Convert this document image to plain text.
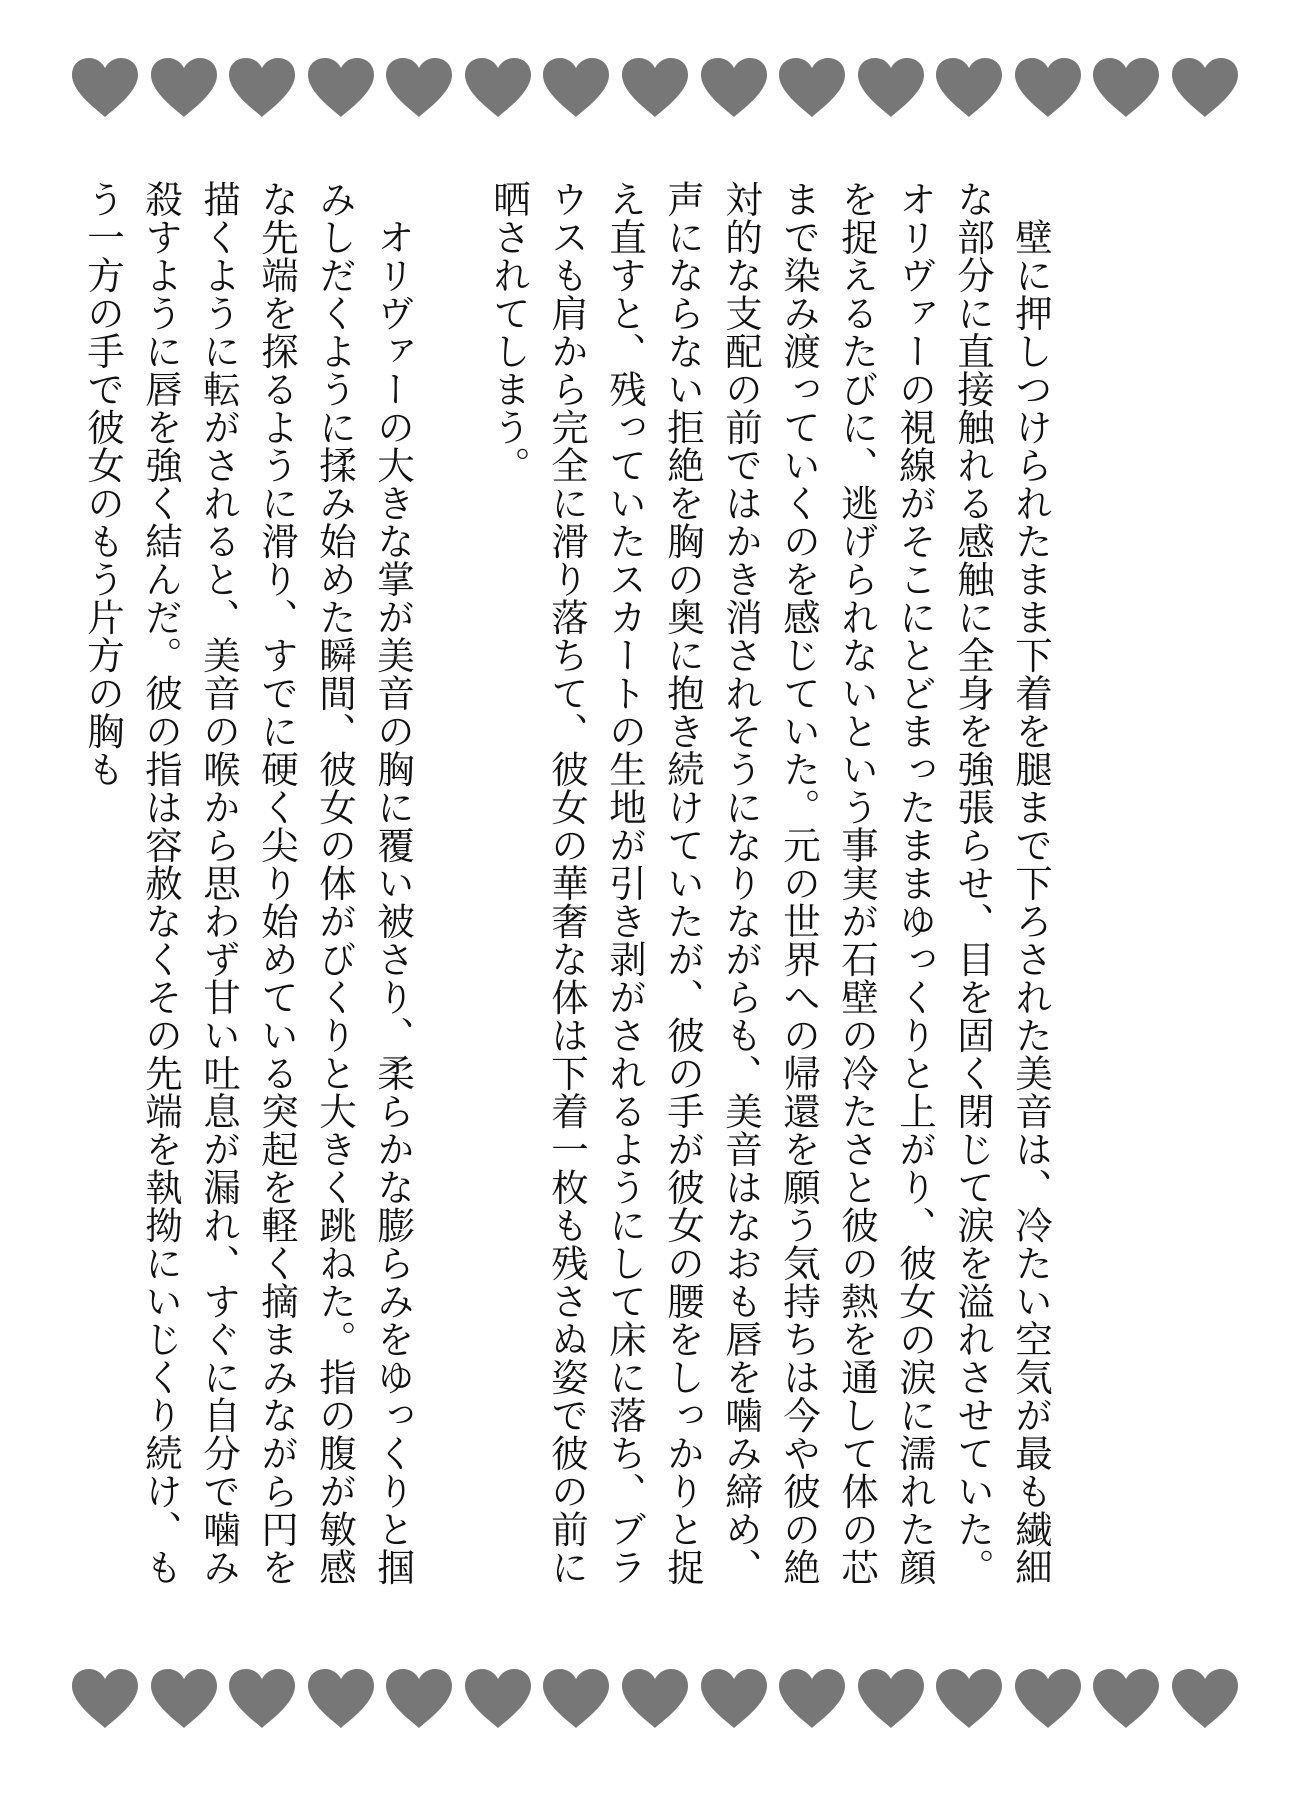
壁に押しつけられたまま下着を腿まで下ろされた美音は、冷たい空気が最も繊細な部分に直接触れる感触に全身を強張らせ、目を固く閉じて涙を溢れさせていた。オリヴァーの視線がそこにとどまったままゆっくりと上がり、彼女の涙に濡れた顔を捉えるたびに、逃げられないという事実が石壁の冷たさと彼の熱を通して体の芯まで染み渡っていくのを感じていた。元の世界への帰還を願う気持ちは今や彼の絶対的な支配の前ではかき消されそうになりながらも、美音はなおも唇を噛み締め、声にならない拒絶を胸の奥に抱き続けていたが、彼の手が彼女の腰をしっかりと捉え直すと、残っていたスカートの生地が引き剥がされるようにして床に落ち、ブラウスも肩から完全に滑り落ちて、彼女の華奢な体は下着一枚も残さぬ姿で彼の前に晒されてしまう。

オリヴァーの大きな掌が美音の胸に覆い被さり、柔らかな膨らみをゆっくりと掴みしだくように揉み始めた瞬間、彼女の体がびくりと大きく跳ねた。指の腹が敏感な先端を探るように滑り、すでに硬く尖り始めている突起を軽く摘まみながら円を描くように転がされると、美音の喉から思わず甘い吐息が漏れ、すぐに自分で噛み殺すように唇を強く結んだ。彼の指は容赦なくその先端を執拗にいじくり続け、もう一方の手で彼女のもう片方の胸も
